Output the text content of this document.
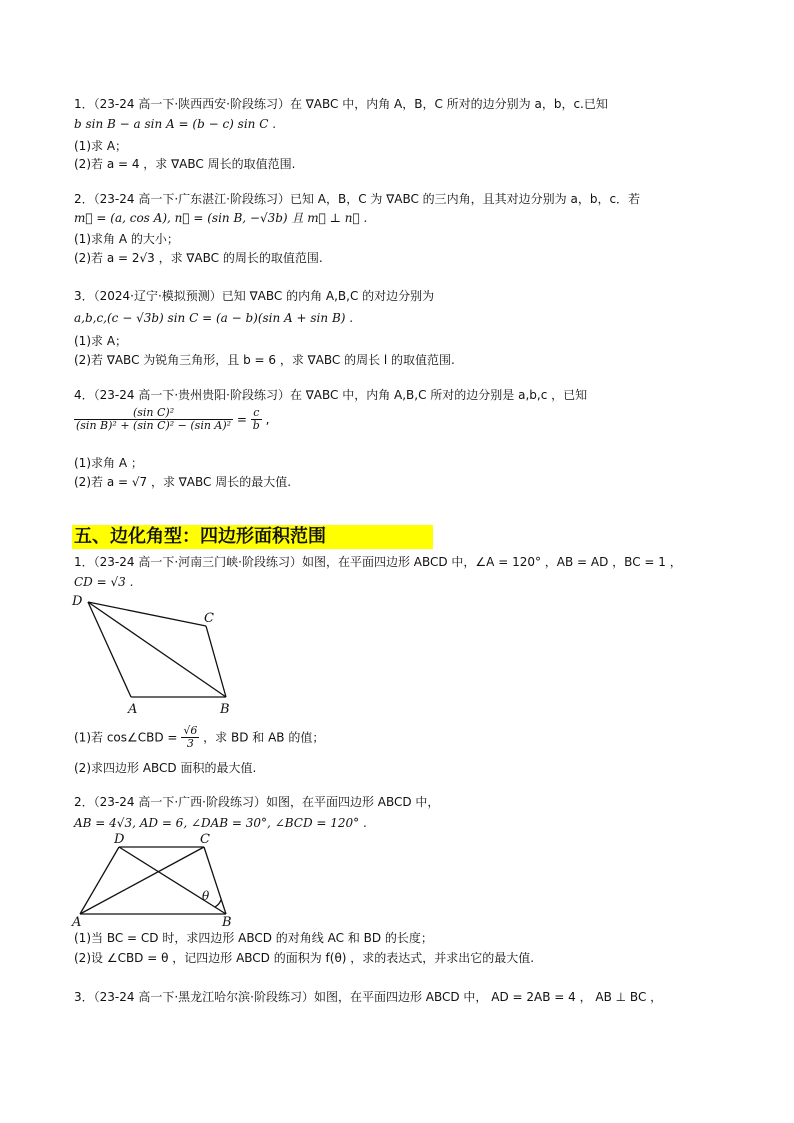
1．（23-24 高一下·陕西西安·阶段练习）在 ∇ABC 中，内角 A，B，C 所对的边分别为 a，b，c.已知
b sin B − a sin A = (b − c) sin C .
(1)求 A；
(2)若 a = 4 ，求 ∇ABC 周长的取值范围.
2．（23-24 高一下·广东湛江·阶段练习）已知 A，B，C 为 ∇ABC 的三内角，且其对边分别为 a，b，c．若
m⃗ = (a, cos A), n⃗ = (sin B, −√3b) 且 m⃗ ⊥ n⃗ .
(1)求角 A 的大小；
(2)若 a = 2√3 ，求 ∇ABC 的周长的取值范围.
3．（2024·辽宁·模拟预测）已知 ∇ABC 的内角 A,B,C 的对边分别为
a,b,c,(c − √3b) sin C = (a − b)(sin A + sin B) .
(1)求 A；
(2)若 ∇ABC 为锐角三角形，且 b = 6 ，求 ∇ABC 的周长 l 的取值范围.
4．（23-24 高一下·贵州贵阳·阶段练习）在 ∇ABC 中，内角 A,B,C 所对的边分别是 a,b,c ，已知
$\frac{\text{(sin C)²}}{\text{(sin B)² + (sin C)² − (sin A)²}} = \frac{c}{b}$ ,
(1)求角 A ；
(2)若 a = √7 ，求 ∇ABC 周长的最大值.
五、边化角型：四边形面积范围
1．（23-24 高一下·河南三门峡·阶段练习）如图，在平面四边形 ABCD 中，∠A = 120° ，AB = AD ，BC = 1 ，
CD = √3 .
D
C
A	B
(1)若 cos∠CBD = $\frac{√6}{3}$ ，求 BD 和 AB 的值；
(2)求四边形 ABCD 面积的最大值.
2．（23-24 高一下·广西·阶段练习）如图，在平面四边形 ABCD 中，
AB = 4√3, AD = 6, ∠DAB = 30°, ∠BCD = 120° .
D	C
A	B
θ
(1)当 BC = CD 时，求四边形 ABCD 的对角线 AC 和 BD 的长度；
(2)设 ∠CBD = θ ，记四边形 ABCD 的面积为 f(θ) ，求的表达式，并求出它的最大值.
3．（23-24 高一下·黑龙江哈尔滨·阶段练习）如图，在平面四边形 ABCD 中， AD = 2AB = 4 ， AB ⊥ BC ，
